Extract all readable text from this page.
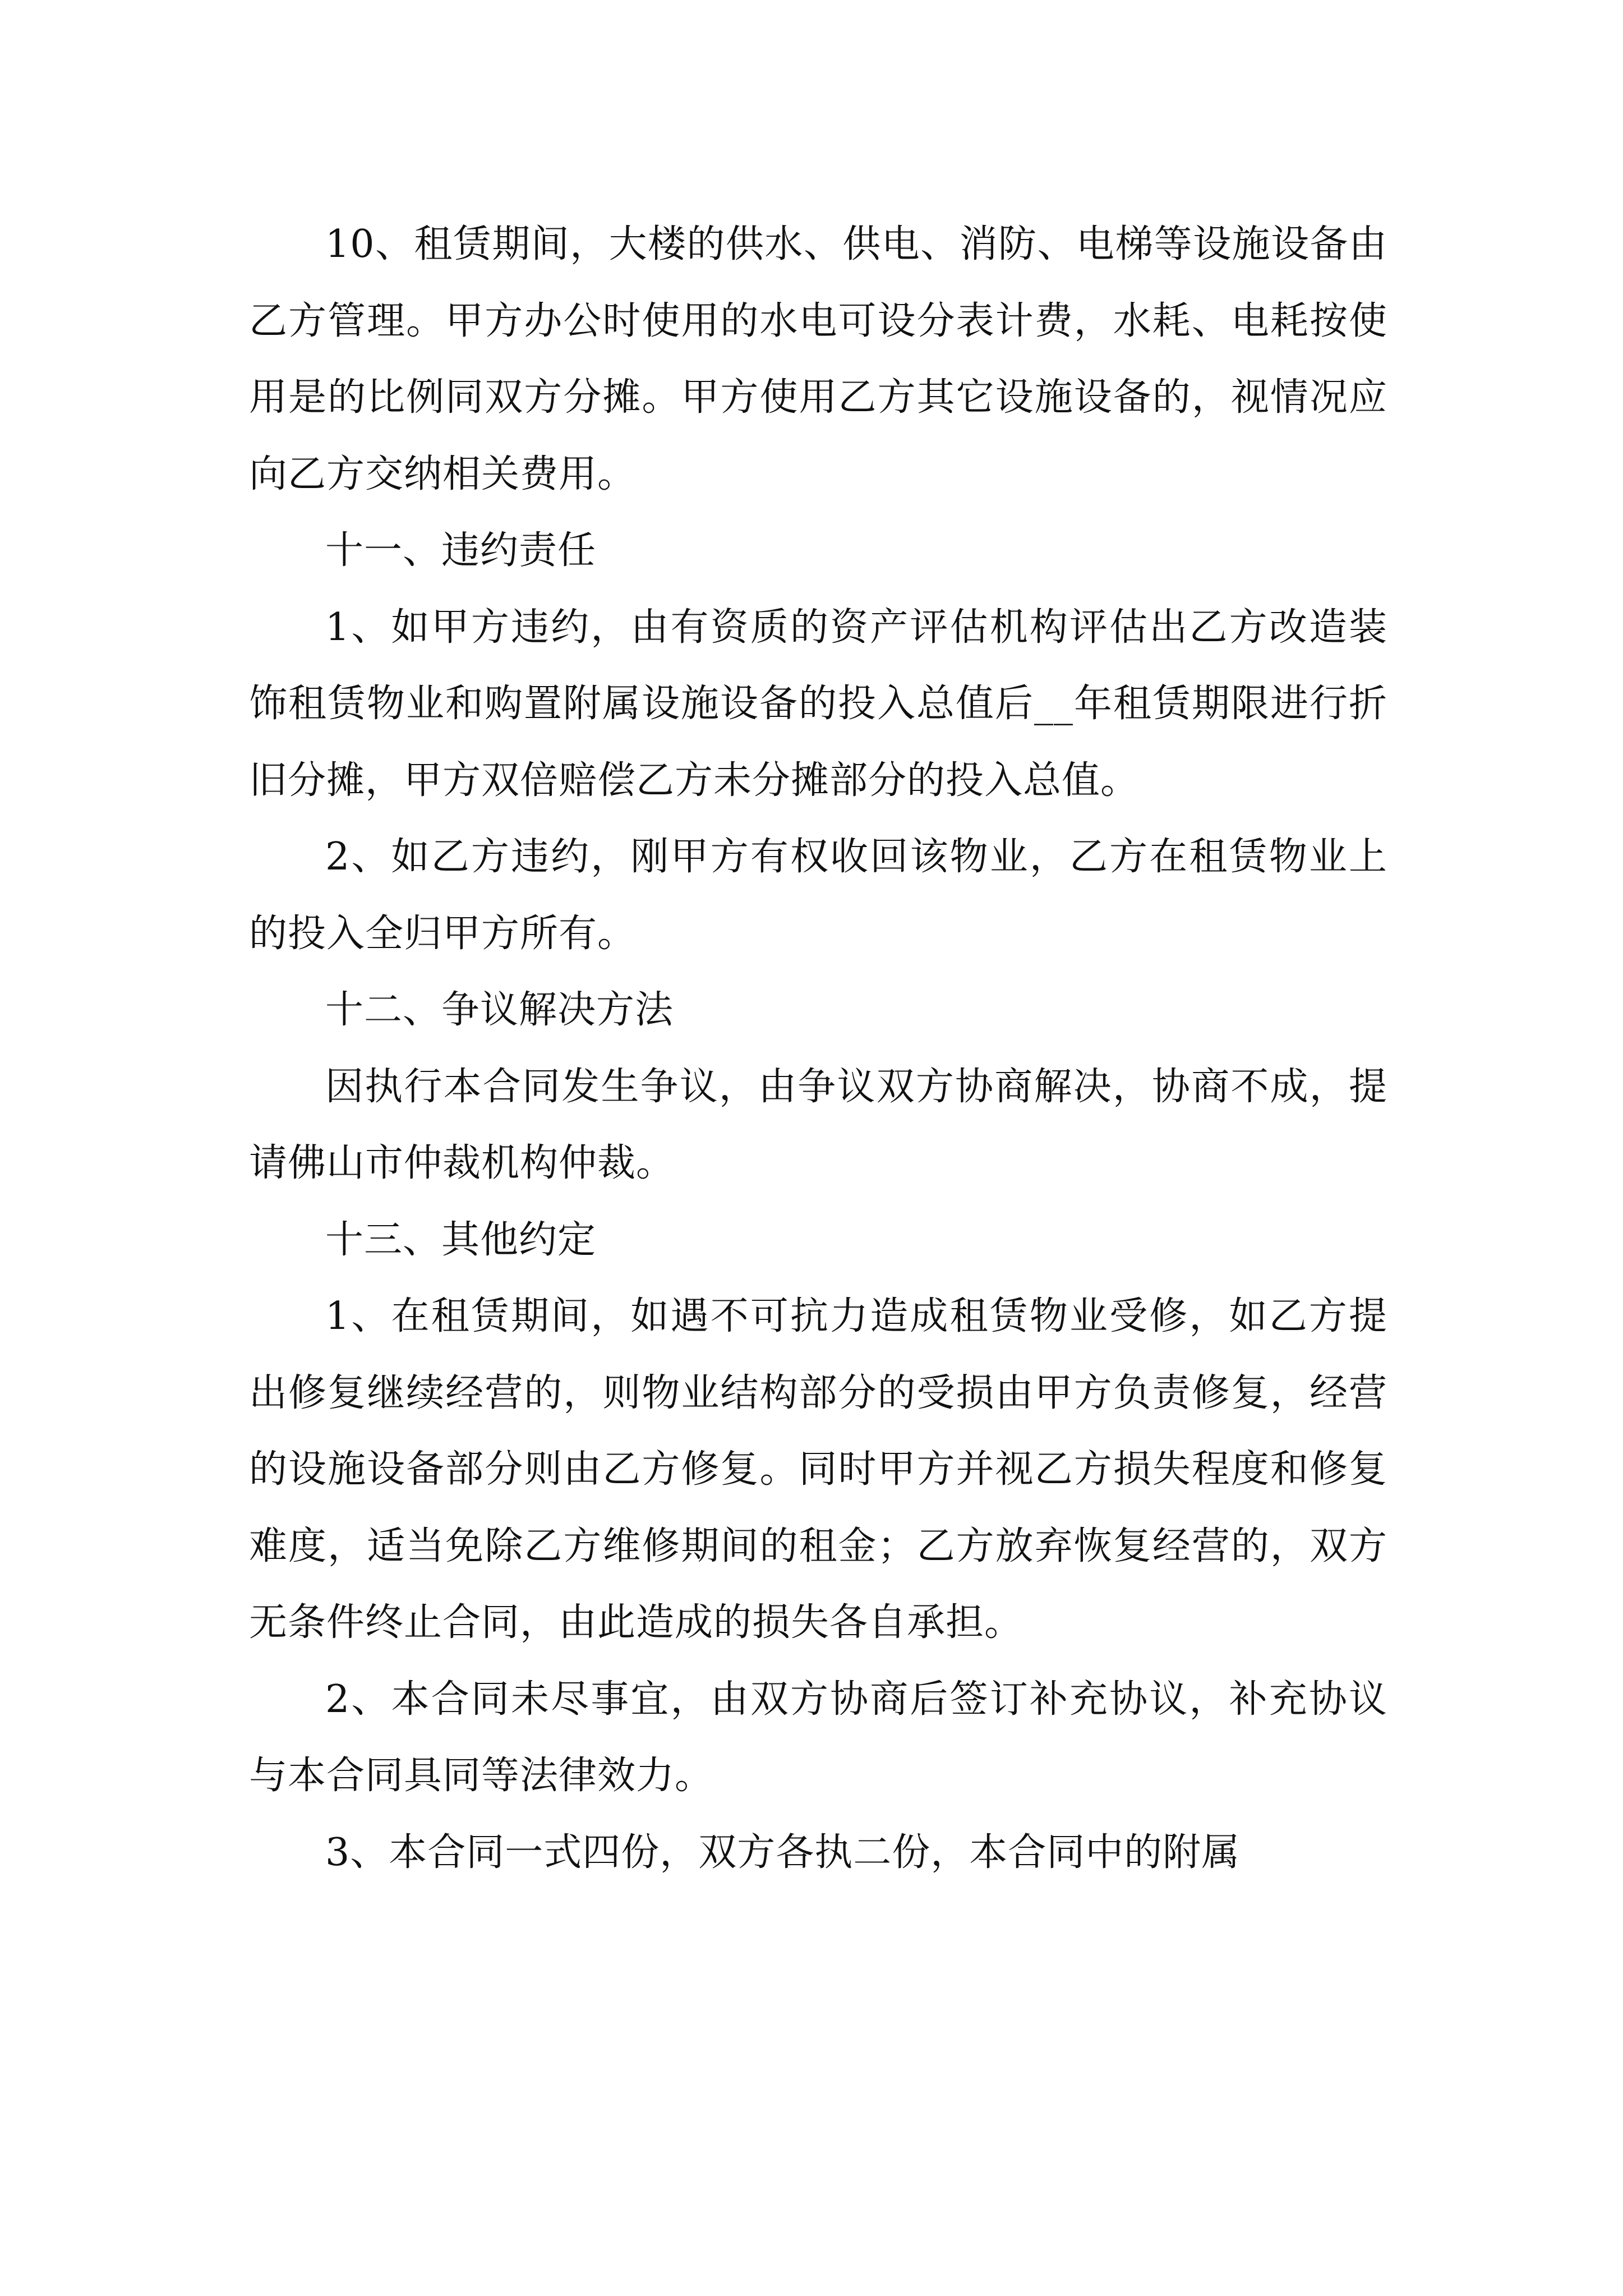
10、租赁期间，大楼的供水、供电、消防、电梯等设施设备由乙方管理。甲方办公时使用的水电可设分表计费，水耗、电耗按使用是的比例同双方分摊。甲方使用乙方其它设施设备的，视情况应向乙方交纳相关费用。

十一、违约责任

1、如甲方违约，由有资质的资产评估机构评估出乙方改造装饰租赁物业和购置附属设施设备的投入总值后__年租赁期限进行折旧分摊，甲方双倍赔偿乙方未分摊部分的投入总值。

2、如乙方违约，刚甲方有权收回该物业，乙方在租赁物业上的投入全归甲方所有。

十二、争议解决方法

因执行本合同发生争议，由争议双方协商解决，协商不成，提请佛山市仲裁机构仲裁。

十三、其他约定

1、在租赁期间，如遇不可抗力造成租赁物业受修，如乙方提出修复继续经营的，则物业结构部分的受损由甲方负责修复，经营的设施设备部分则由乙方修复。同时甲方并视乙方损失程度和修复难度，适当免除乙方维修期间的租金；乙方放弃恢复经营的，双方无条件终止合同，由此造成的损失各自承担。

2、本合同未尽事宜，由双方协商后签订补充协议，补充协议与本合同具同等法律效力。

3、本合同一式四份，双方各执二份，本合同中的附属
